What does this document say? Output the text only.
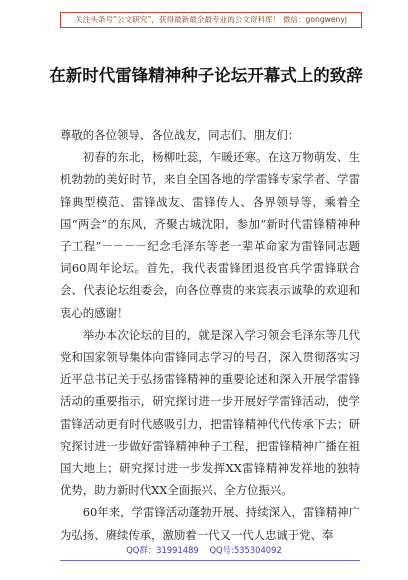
关注头条号“公文研究”，获得最新最全最专业的公文资料库！ 微信：gongwenyj
在新时代雷锋精神种子论坛开幕式上的致辞

尊敬的各位领导、各位战友，同志们、朋友们：

初春的东北，杨柳吐蕊，乍暖还寒。在这万物萌发、生机勃勃的美好时节，来自全国各地的学雷锋专家学者、学雷锋典型模范、雷锋战友、雷锋传人、各界领导等，乘着全国“两会”的东风，齐聚古城沈阳，参加“新时代雷锋精神种子工程”－－－－纪念毛泽东等老一辈革命家为雷锋同志题词60周年论坛。首先，我代表雷锋团退役官兵学雷锋联合会、代表论坛组委会，向各位尊贵的来宾表示诚挚的欢迎和衷心的感谢！

举办本次论坛的目的，就是深入学习领会毛泽东等几代党和国家领导集体向雷锋同志学习的号召，深入贯彻落实习近平总书记关于弘扬雷锋精神的重要论述和深入开展学雷锋活动的重要指示，研究探讨进一步开展好学雷锋活动，使学雷锋活动更有时代感吸引力，把雷锋精神代代传承下去；研究探讨进一步做好雷锋精神种子工程，把雷锋精神广播在祖国大地上；研究探讨进一步发挥XX雷锋精神发祥地的独特优势，助力新时代XX全面振兴、全方位振兴。

60年来，学雷锋活动蓬勃开展、持续深入，雷锋精神广为弘扬、赓续传承，激励着一代又一代人忠诚于党、奉

QQ群：31991489 QQ号:535304092
